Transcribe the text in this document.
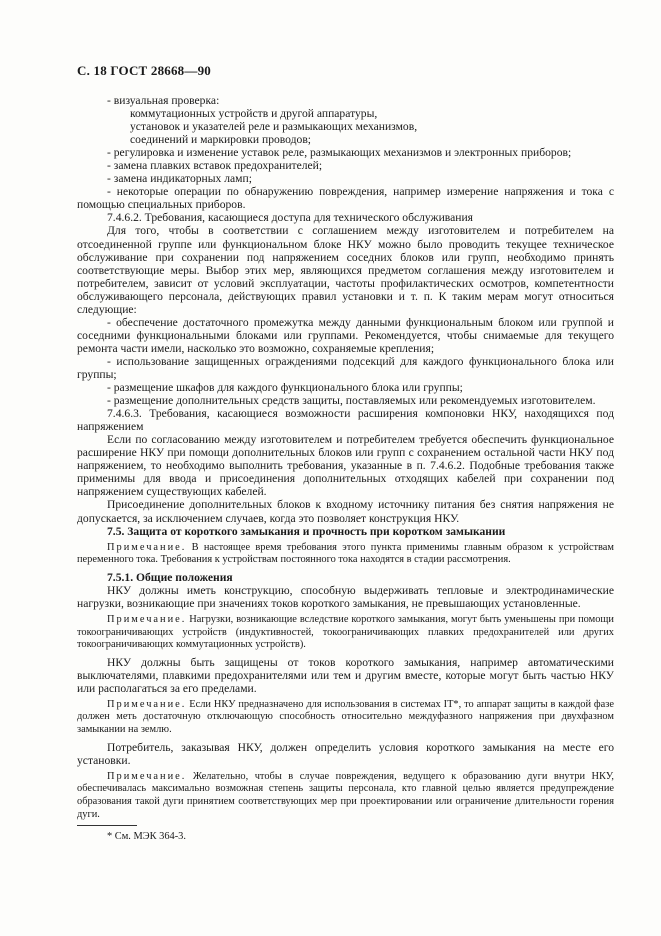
С. 18 ГОСТ 28668—90

- визуальная проверка:

коммутационных устройств и другой аппаратуры,

установок и указателей реле и размыкающих механизмов,

соединений и маркировки проводов;

- регулировка и изменение уставок реле, размыкающих механизмов и электронных приборов;

- замена плавких вставок предохранителей;

- замена индикаторных ламп;

- некоторые операции по обнаружению повреждения, например измерение напряжения и тока с помощью специальных приборов.

7.4.6.2. Требования, касающиеся доступа для технического обслуживания

Для того, чтобы в соответствии с соглашением между изготовителем и потребителем на отсоединенной группе или функциональном блоке НКУ можно было проводить текущее техническое обслуживание при сохранении под напряжением соседних блоков или групп, необходимо принять соответствующие меры. Выбор этих мер, являющихся предметом соглашения между изготовителем и потребителем, зависит от условий эксплуатации, частоты профилактических осмотров, компетентности обслуживающего персонала, действующих правил установки и т. п. К таким мерам могут относиться следующие:

- обеспечение достаточного промежутка между данными функциональным блоком или группой и соседними функциональными блоками или группами. Рекомендуется, чтобы снимаемые для текущего ремонта части имели, насколько это возможно, сохраняемые крепления;

- использование защищенных ограждениями подсекций для каждого функционального блока или группы;

- размещение шкафов для каждого функционального блока или группы;

- размещение дополнительных средств защиты, поставляемых или рекомендуемых изготовителем.

7.4.6.3. Требования, касающиеся возможности расширения компоновки НКУ, находящихся под напряжением

Если по согласованию между изготовителем и потребителем требуется обеспечить функциональное расширение НКУ при помощи дополнительных блоков или групп с сохранением остальной части НКУ под напряжением, то необходимо выполнить требования, указанные в п. 7.4.6.2. Подобные требования также применимы для ввода и присоединения дополнительных отходящих кабелей при сохранении под напряжением существующих кабелей.

Присоединение дополнительных блоков к входному источнику питания без снятия напряжения не допускается, за исключением случаев, когда это позволяет конструкция НКУ.

7.5. Защита от короткого замыкания и прочность при коротком замыкании

Примечание. В настоящее время требования этого пункта применимы главным образом к устройствам переменного тока. Требования к устройствам постоянного тока находятся в стадии рассмотрения.

7.5.1. Общие положения

НКУ должны иметь конструкцию, способную выдерживать тепловые и электродинамические нагрузки, возникающие при значениях токов короткого замыкания, не превышающих установленные.

Примечание. Нагрузки, возникающие вследствие короткого замыкания, могут быть уменьшены при помощи токоограничивающих устройств (индуктивностей, токоограничивающих плавких предохранителей или других токоограничивающих коммутационных устройств).

НКУ должны быть защищены от токов короткого замыкания, например автоматическими выключателями, плавкими предохранителями или тем и другим вместе, которые могут быть частью НКУ или располагаться за его пределами.

Примечание. Если НКУ предназначено для использования в системах IT*, то аппарат защиты в каждой фазе должен меть достаточную отключающую способность относительно междуфазного напряжения при двухфазном замыкании на землю.

Потребитель, заказывая НКУ, должен определить условия короткого замыкания на месте его установки.

Примечание. Желательно, чтобы в случае повреждения, ведущего к образованию дуги внутри НКУ, обеспечивалась максимально возможная степень защиты персонала, кто главной целью является предупреждение образования такой дуги принятием соответствующих мер при проектировании или ограничение длительности горения дуги.

* См. МЭК 364-3.
